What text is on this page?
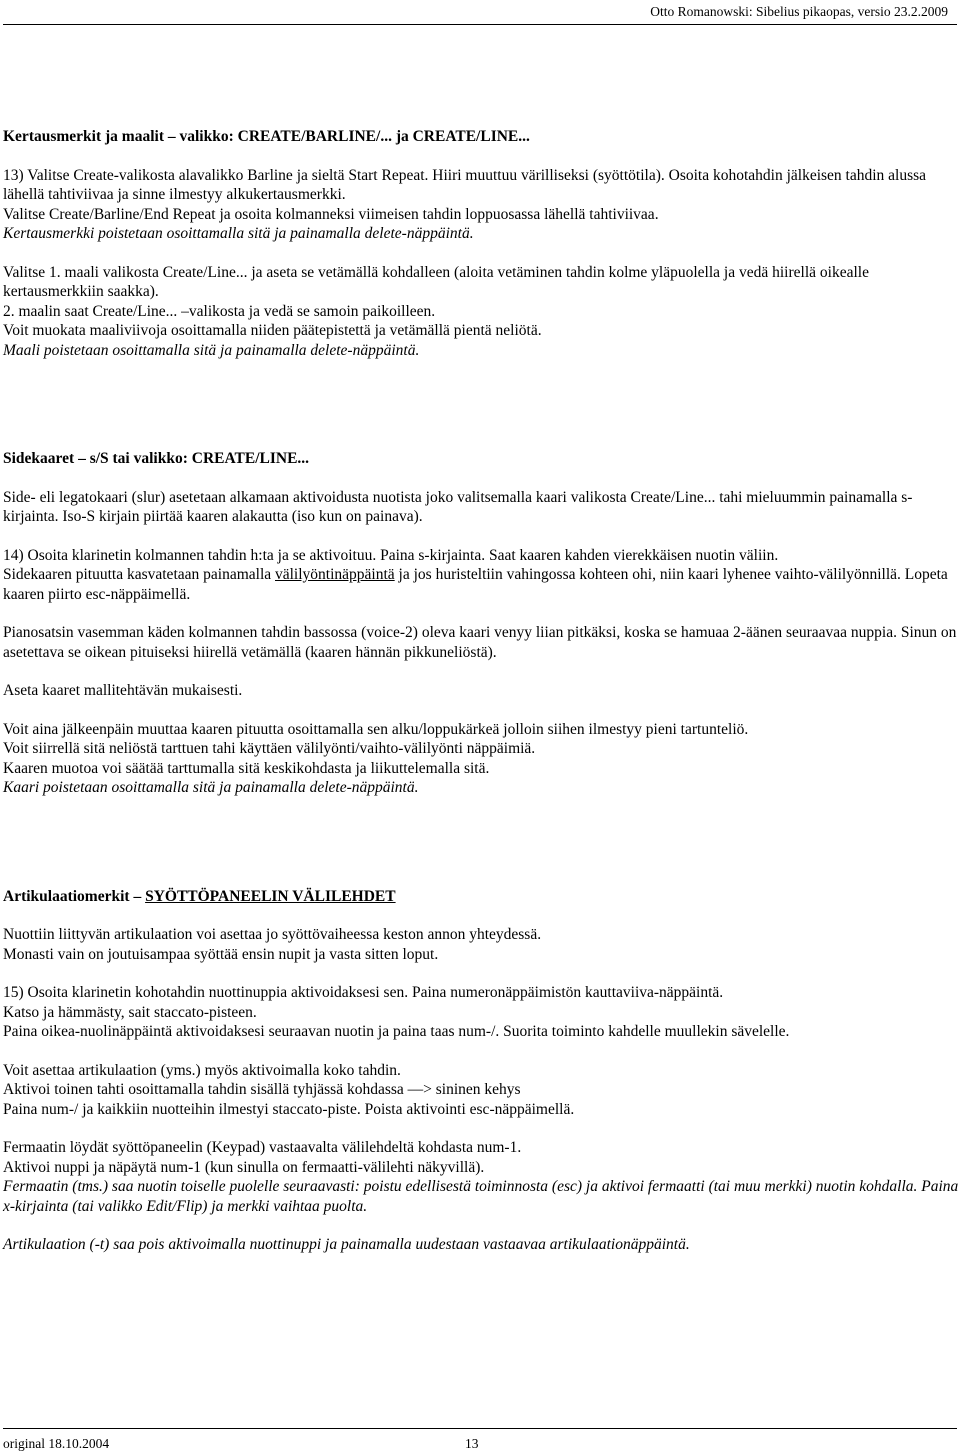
Otto Romanowski: Sibelius pikaopas, versio 23.2.2009

Kertausmerkit ja maalit – valikko: CREATE/BARLINE/... ja CREATE/LINE...

13) Valitse Create-valikosta alavalikko Barline ja sieltä Start Repeat. Hiiri muuttuu värilliseksi (syöttötila). Osoita kohotahdin jälkeisen tahdin alussa lähellä tahtiviivaa ja sinne ilmestyy alkukertausmerkki.

Valitse Create/Barline/End Repeat ja osoita kolmanneksi viimeisen tahdin loppuosassa lähellä tahtiviivaa.

Kertausmerkki poistetaan osoittamalla sitä ja painamalla delete-näppäintä.

Valitse 1. maali valikosta Create/Line... ja aseta se vetämällä kohdalleen (aloita vetäminen tahdin kolme yläpuolella ja vedä hiirellä oikealle kertausmerkkiin saakka).

2. maalin saat Create/Line... –valikosta ja vedä se samoin paikoilleen.

Voit muokata maaliviivoja osoittamalla niiden päätepistettä ja vetämällä pientä neliötä.

Maali poistetaan osoittamalla sitä ja painamalla delete-näppäintä.

Sidekaaret – s/S tai valikko: CREATE/LINE...

Side- eli legatokaari (slur) asetetaan alkamaan aktivoidusta nuotista joko valitsemalla kaari valikosta Create/Line... tahi mieluummin painamalla s-kirjainta. Iso-S kirjain piirtää kaaren alakautta (iso kun on painava).

14) Osoita klarinetin kolmannen tahdin h:ta ja se aktivoituu. Paina s-kirjainta. Saat kaaren kahden vierekkäisen nuotin väliin.

Sidekaaren pituutta kasvatetaan painamalla välilyöntinäppäintä ja jos huristeltiin vahingossa kohteen ohi, niin kaari lyhenee vaihto-välilyönnillä. Lopeta kaaren piirto esc-näppäimellä.

Pianosatsin vasemman käden kolmannen tahdin bassossa (voice-2) oleva kaari venyy liian pitkäksi, koska se hamuaa 2-äänen seuraavaa nuppia. Sinun on asetettava se oikean pituiseksi hiirellä vetämällä (kaaren hännän pikkuneliöstä).

Aseta kaaret mallitehtävän mukaisesti.

Voit aina jälkeenpäin muuttaa kaaren pituutta osoittamalla sen alku/loppukärkeä jolloin siihen ilmestyy pieni tartunteliö.

Voit siirrellä sitä neliöstä tarttuen tahi käyttäen välilyönti/vaihto-välilyönti näppäimiä.

Kaaren muotoa voi säätää tarttumalla sitä keskikohdasta ja liikuttelemalla sitä.

Kaari poistetaan osoittamalla sitä ja painamalla delete-näppäintä.

Artikulaatiomerkit – SYÖTTÖPANEELIN VÄLILEHDET

Nuottiin liittyvän artikulaation voi asettaa jo syöttövaiheessa keston annon yhteydessä.

Monasti vain on joutuisampaa syöttää ensin nupit ja vasta sitten loput.

15) Osoita klarinetin kohotahdin nuottinuppia aktivoidaksesi sen. Paina numeronäppäimistön kauttaviiva-näppäintä.

Katso ja hämmästy, sait staccato-pisteen.

Paina oikea-nuolinäppäintä aktivoidaksesi seuraavan nuotin ja paina taas num-/. Suorita toiminto kahdelle muullekin sävelelle.

Voit asettaa artikulaation (yms.) myös aktivoimalla koko tahdin.

Aktivoi toinen tahti osoittamalla tahdin sisällä tyhjässä kohdassa —> sininen kehys

Paina num-/ ja kaikkiin nuotteihin ilmestyi staccato-piste. Poista aktivointi esc-näppäimellä.

Fermaatin löydät syöttöpaneelin (Keypad) vastaavalta välilehdeltä kohdasta num-1.

Aktivoi nuppi ja näpäytä num-1 (kun sinulla on fermaatti-välilehti näkyvillä).

Fermaatin (tms.) saa nuotin toiselle puolelle seuraavasti: poistu edellisestä toiminnosta (esc) ja aktivoi fermaatti (tai muu merkki) nuotin kohdalla. Paina x-kirjainta (tai valikko Edit/Flip) ja merkki vaihtaa puolta.

Artikulaation (-t) saa pois aktivoimalla nuottinuppi ja painamalla uudestaan vastaavaa artikulaationäppäintä.

original 18.10.2004	13
